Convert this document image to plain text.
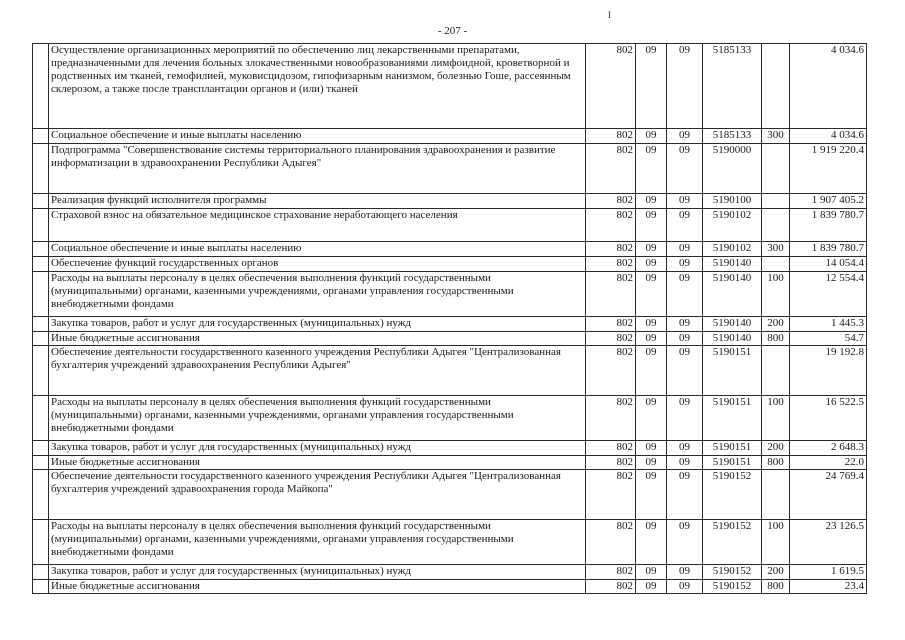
I
- 207 -
	Осуществление организационных мероприятий по обеспечению лиц лекарственными препаратами, предназначенными для лечения больных злокачественными новообразованиями лимфоидной, кроветворной и родственных им тканей, гемофилией, муковисцидозом, гипофизарным нанизмом, болезнью Гоше, рассеянным склерозом, а также после трансплантации органов и (или) тканей	802	09	09	5185133		4 034.6
	Социальное обеспечение и иные выплаты населению	802	09	09	5185133	300	4 034.6
	Подпрограмма "Совершенствование системы территориального планирования здравоохранения и развитие информатизации в здравоохранении Республики Адыгея"	802	09	09	5190000		1 919 220.4
	Реализация функций исполнителя программы	802	09	09	5190100		1 907 405.2
	Страховой взнос на обязательное медицинское страхование неработающего населения	802	09	09	5190102		1 839 780.7
	Социальное обеспечение и иные выплаты населению	802	09	09	5190102	300	1 839 780.7
	Обеспечение функций государственных органов	802	09	09	5190140		14 054.4
	Расходы на выплаты персоналу в целях обеспечения выполнения функций государственными (муниципальными) органами, казенными учреждениями, органами управления государственными внебюджетными фондами	802	09	09	5190140	100	12 554.4
	Закупка товаров, работ и услуг для государственных (муниципальных) нужд	802	09	09	5190140	200	1 445.3
	Иные бюджетные ассигнования	802	09	09	5190140	800	54.7
	Обеспечение деятельности государственного казенного учреждения Республики Адыгея "Централизованная бухгалтерия учреждений здравоохранения Республики Адыгея"	802	09	09	5190151		19 192.8
	Расходы на выплаты персоналу в целях обеспечения выполнения функций государственными (муниципальными) органами, казенными учреждениями, органами управления государственными внебюджетными фондами	802	09	09	5190151	100	16 522.5
	Закупка товаров, работ и услуг для государственных (муниципальных) нужд	802	09	09	5190151	200	2 648.3
	Иные бюджетные ассигнования	802	09	09	5190151	800	22.0
	Обеспечение деятельности государственного казенного учреждения Республики Адыгея "Централизованная бухгалтерия учреждений здравоохранения города Майкопа"	802	09	09	5190152		24 769.4
	Расходы на выплаты персоналу в целях обеспечения выполнения функций государственными (муниципальными) органами, казенными учреждениями, органами управления государственными внебюджетными фондами	802	09	09	5190152	100	23 126.5
	Закупка товаров, работ и услуг для государственных (муниципальных) нужд	802	09	09	5190152	200	1 619.5
	Иные бюджетные ассигнования	802	09	09	5190152	800	23.4
